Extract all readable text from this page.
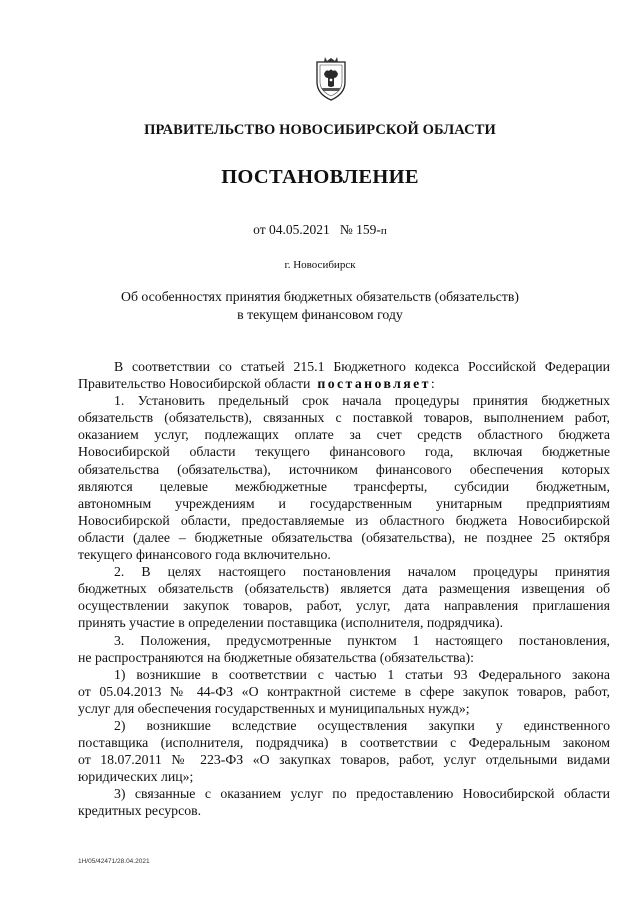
ПРАВИТЕЛЬСТВО НОВОСИБИРСКОЙ ОБЛАСТИ
ПОСТАНОВЛЕНИЕ
от 04.05.2021 № 159-п
г. Новосибирск
Об особенностях принятия бюджетных обязательств (обязательств)
в текущем финансовом году
В соответствии со статьей 215.1 Бюджетного кодекса Российской Федерации
Правительство Новосибирской области постановляет:
1. Установить предельный срок начала процедуры принятия бюджетных
обязательств (обязательств), связанных с поставкой товаров, выполнением работ,
оказанием услуг, подлежащих оплате за счет средств областного бюджета
Новосибирской области текущего финансового года, включая бюджетные
обязательства (обязательства), источником финансового обеспечения которых
являются целевые межбюджетные трансферты, субсидии бюджетным,
автономным учреждениям и государственным унитарным предприятиям
Новосибирской области, предоставляемые из областного бюджета Новосибирской
области (далее – бюджетные обязательства (обязательства), не позднее 25 октября
текущего финансового года включительно.
2. В целях настоящего постановления началом процедуры принятия
бюджетных обязательств (обязательств) является дата размещения извещения об
осуществлении закупок товаров, работ, услуг, дата направления приглашения
принять участие в определении поставщика (исполнителя, подрядчика).
3. Положения, предусмотренные пунктом 1 настоящего постановления,
не распространяются на бюджетные обязательства (обязательства):
1) возникшие в соответствии с частью 1 статьи 93 Федерального закона
от 05.04.2013 № 44-ФЗ «О контрактной системе в сфере закупок товаров, работ,
услуг для обеспечения государственных и муниципальных нужд»;
2) возникшие вследствие осуществления закупки у единственного
поставщика (исполнителя, подрядчика) в соответствии с Федеральным законом
от 18.07.2011 № 223-ФЗ «О закупках товаров, работ, услуг отдельными видами
юридических лиц»;
3) связанные с оказанием услуг по предоставлению Новосибирской области
кредитных ресурсов.
1Н/05/42471/28.04.2021
